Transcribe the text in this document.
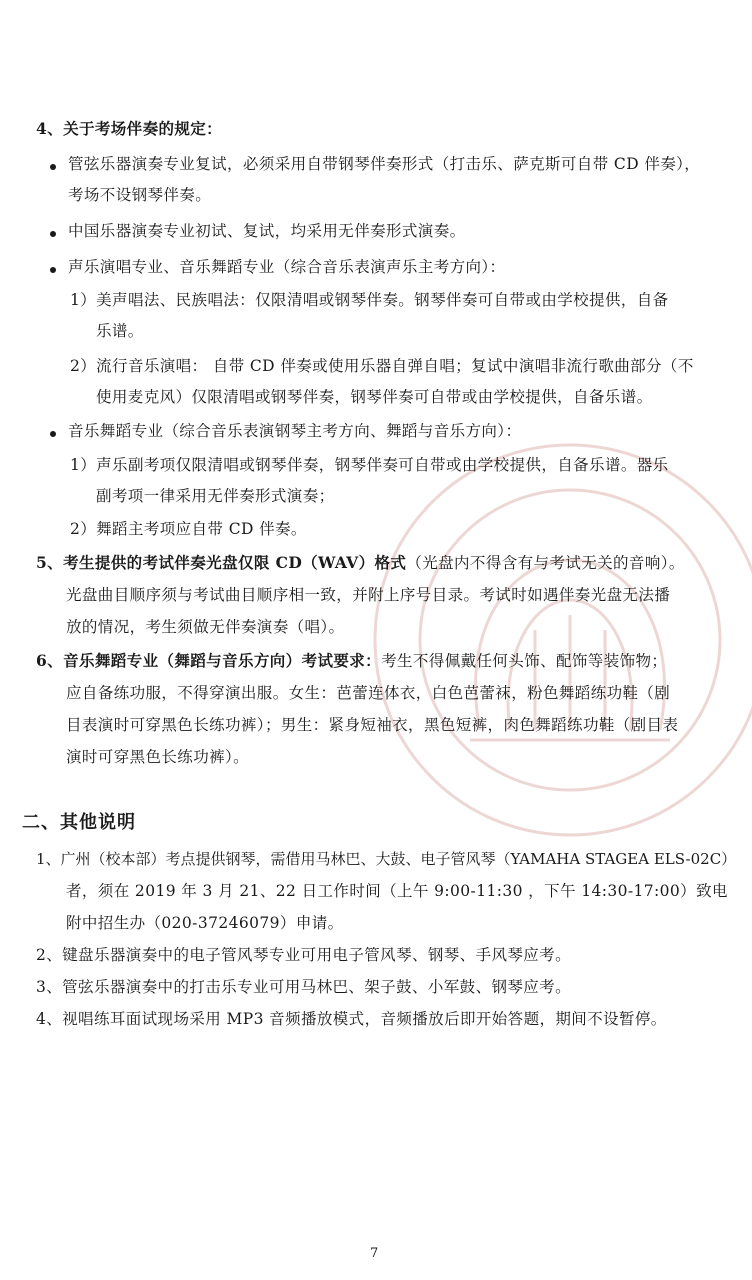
4、关于考场伴奏的规定：
管弦乐器演奏专业复试，必须采用自带钢琴伴奏形式（打击乐、萨克斯可自带 CD 伴奏），
考场不设钢琴伴奏。
中国乐器演奏专业初试、复试，均采用无伴奏形式演奏。
声乐演唱专业、音乐舞蹈专业（综合音乐表演声乐主考方向）：
1）美声唱法、民族唱法：仅限清唱或钢琴伴奏。钢琴伴奏可自带或由学校提供，自备
乐谱。
2）流行音乐演唱： 自带 CD 伴奏或使用乐器自弹自唱；复试中演唱非流行歌曲部分（不
使用麦克风）仅限清唱或钢琴伴奏，钢琴伴奏可自带或由学校提供，自备乐谱。
音乐舞蹈专业（综合音乐表演钢琴主考方向、舞蹈与音乐方向）：
1）声乐副考项仅限清唱或钢琴伴奏，钢琴伴奏可自带或由学校提供，自备乐谱。器乐
副考项一律采用无伴奏形式演奏；
2）舞蹈主考项应自带 CD 伴奏。
5、考生提供的考试伴奏光盘仅限 CD（WAV）格式（光盘内不得含有与考试无关的音响）。
光盘曲目顺序须与考试曲目顺序相一致，并附上序号目录。考试时如遇伴奏光盘无法播
放的情况，考生须做无伴奏演奏（唱）。
6、音乐舞蹈专业（舞蹈与音乐方向）考试要求：考生不得佩戴任何头饰、配饰等装饰物；
应自备练功服，不得穿演出服。女生：芭蕾连体衣，白色芭蕾袜，粉色舞蹈练功鞋（剧
目表演时可穿黑色长练功裤）；男生：紧身短袖衣，黑色短裤，肉色舞蹈练功鞋（剧目表
演时可穿黑色长练功裤）。
二、其他说明
1、广州（校本部）考点提供钢琴，需借用马林巴、大鼓、电子管风琴（YAMAHA STAGEA ELS-02C）
者，须在 2019 年 3 月 21、22 日工作时间（上午 9:00-11:30 ，下午 14:30-17:00）致电
附中招生办（020-37246079）申请。
2、键盘乐器演奏中的电子管风琴专业可用电子管风琴、钢琴、手风琴应考。
3、管弦乐器演奏中的打击乐专业可用马林巴、架子鼓、小军鼓、钢琴应考。
4、视唱练耳面试现场采用 MP3 音频播放模式，音频播放后即开始答题，期间不设暂停。
7
